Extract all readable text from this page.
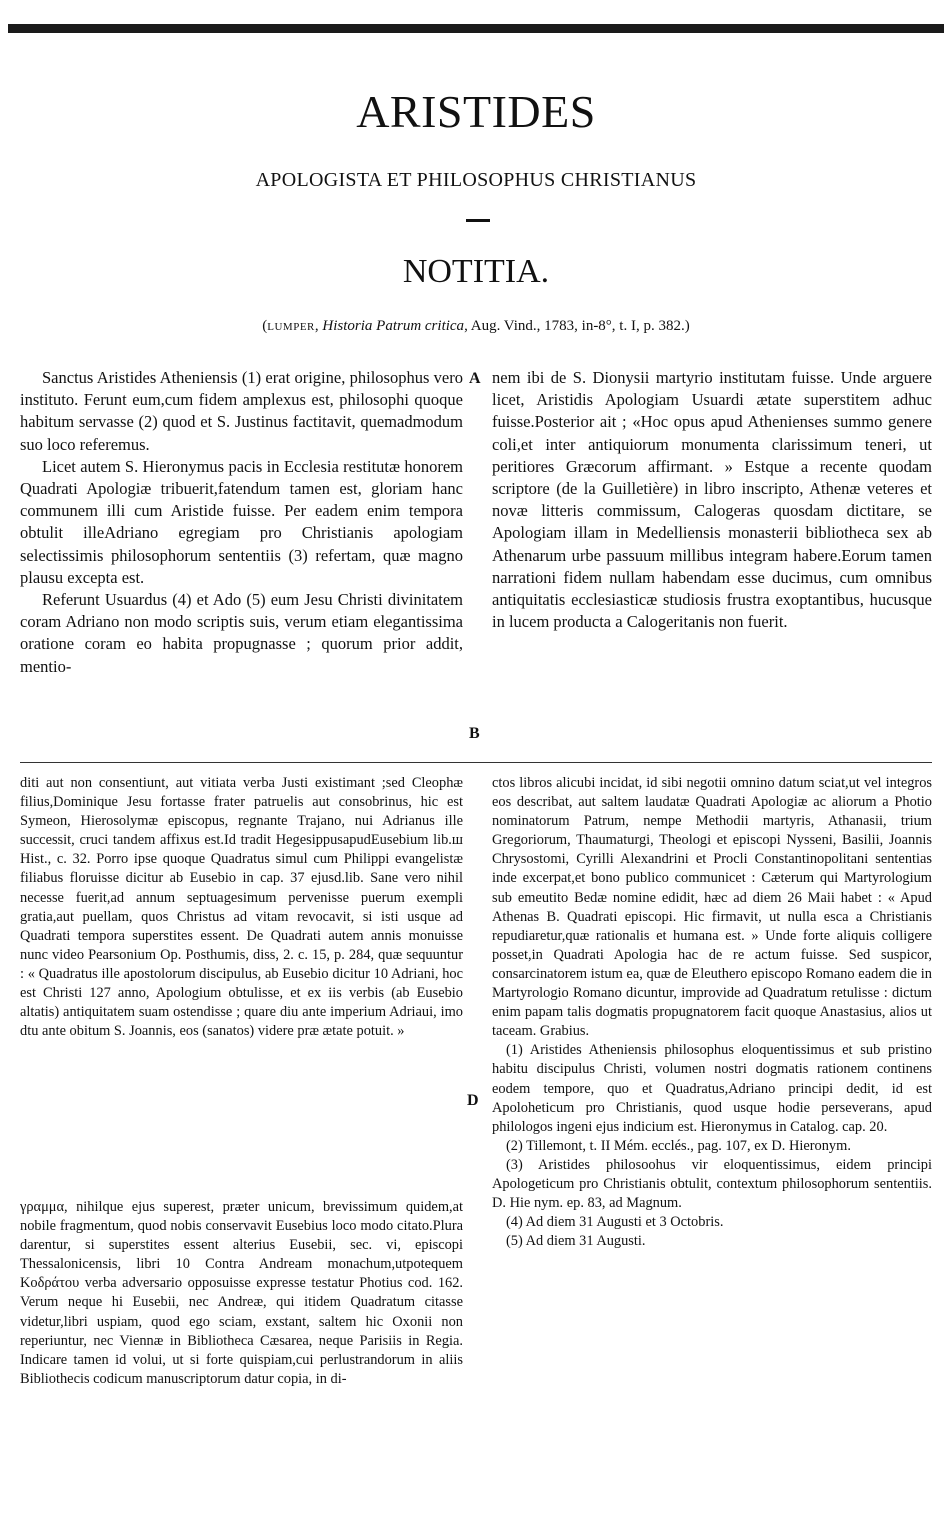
ARISTIDES
APOLOGISTA ET PHILOSOPHUS CHRISTIANUS
NOTITIA.
(LUMPER, Historia Patrum critica, Aug. Vind., 1783, in-8°, t. I, p. 382.)

Sanctus Aristides Atheniensis (1) erat origine, philosophus vero instituto. Ferunt eum,cum fidem amplexus est, philosophi quoque habitum servasse (2) quod et S. Justinus factitavit, quemadmodum suo loco referemus.

Licet autem S. Hieronymus pacis in Ecclesia restitutæ honorem Quadrati Apologiæ tribuerit,fatendum tamen est, gloriam hanc communem illi cum Aristide fuisse. Per eadem enim tempora obtulit illeAdriano egregiam pro Christianis apologiam selectissimis philosophorum sententiis (3) refertam, quæ magno plausu excepta est.

Referunt Usuardus (4) et Ado (5) eum Jesu Christi divinitatem coram Adriano non modo scriptis suis, verum etiam elegantissima oratione coram eo habita propugnasse ; quorum prior addit, mentio-

A
B

nem ibi de S. Dionysii martyrio institutam fuisse. Unde arguere licet, Aristidis Apologiam Usuardi ætate superstitem adhuc fuisse.Posterior ait ; «Hoc opus apud Athenienses summo genere coli,et inter antiquiorum monumenta clarissimum teneri, ut peritiores Græcorum affirmant. » Estque a recente quodam scriptore (de la Guilletière) in libro inscripto, Athenæ veteres et novæ litteris commissum, Calogeras quosdam dictitare, se Apologiam illam in Medelliensis monasterii bibliotheca sex ab Athenarum urbe passuum millibus integram habere.Eorum tamen narrationi fidem nullam habendam esse ducimus, cum omnibus antiquitatis ecclesiasticæ studiosis frustra exoptantibus, hucusque in lucem producta a Calogeritanis non fuerit.

diti aut non consentiunt, aut vitiata verba Justi existimant ;sed Cleophæ filius,Dominique Jesu fortasse frater patruelis aut consobrinus, hic est Symeon, Hierosolymæ episcopus, regnante Trajano, nui Adrianus ille successit, cruci tandem affixus est.Id tradit HegesippusapudEusebium lib.ш Hist., c. 32. Porro ipse quoque Quadratus simul cum Philippi evangelistæ filiabus floruisse dicitur ab Eusebio in cap. 37 ejusd.lib. Sane vero nihil necesse fuerit,ad annum septuagesimum pervenisse puerum exempli gratia,aut puellam, quos Christus ad vitam revocavit, si isti usque ad Quadrati tempora superstites essent. De Quadrati autem annis monuisse nunc video Pearsonium Op. Posthumis, diss, 2. c. 15, p. 284, quæ sequuntur : « Quadratus ille apostolorum discipulus, ab Eusebio dicitur 10 Adriani, hoc est Christi 127 anno, Apologium obtulisse, et ex iis verbis (ab Eusebio altatis) antiquitatem suam ostendisse ; quare diu ante imperium Adriaui, imo dtu ante obitum S. Joannis, eos (sanatos) videre præ ætate potuit. »

D

γραμμα, nihilque ejus superest, præter unicum, brevissimum quidem,at nobile fragmentum, quod nobis conservavit Eusebius loco modo citato.Plura darentur, si superstites essent alterius Eusebii, sec. vi, episcopi Thessalonicensis, libri 10 Contra Andream monachum,utpotequem Κοδράτου verba adversario opposuisse expresse testatur Photius cod. 162. Verum neque hi Eusebii, nec Andreæ, qui itidem Quadratum citasse videtur,libri uspiam, quod ego sciam, exstant, saltem hic Oxonii non reperiuntur, nec Viennæ in Bibliotheca Cæsarea, neque Parisiis in Regia. Indicare tamen id volui, ut si forte quispiam,cui perlustrandorum in aliis Bibliothecis codicum manuscriptorum datur copia, in di-

ctos libros alicubi incidat, id sibi negotii omnino datum sciat,ut vel integros eos describat, aut saltem laudatæ Quadrati Apologiæ ac aliorum a Photio nominatorum Patrum, nempe Methodii martyris, Athanasii, trium Gregoriorum, Thaumaturgi, Theologi et episcopi Nysseni, Basilii, Joannis Chrysostomi, Cyrilli Alexandrini et Procli Constantinopolitani sententias inde excerpat,et bono publico communicet : Cæterum qui Martyrologium sub emeutito Bedæ nomine edidit, hæc ad diem 26 Maii habet : « Apud Athenas B. Quadrati episcopi. Hic firmavit, ut nulla esca a Christianis repudiaretur,quæ rationalis et humana est. » Unde forte aliquis colligere posset,in Quadrati Apologia hac de re actum fuisse. Sed suspicor, consarcinatorem istum ea, quæ de Eleuthero episcopo Romano eadem die in Martyrologio Romano dicuntur, improvide ad Quadratum retulisse : dictum enim papam talis dogmatis propugnatorem facit quoque Anastasius, alios ut taceam. Grabius.

(1) Aristides Atheniensis philosophus eloquentissimus et sub pristino habitu discipulus Christi, volumen nostri dogmatis rationem continens eodem tempore, quo et Quadratus,Adriano principi dedit, id est Apoloheticum pro Christianis, quod usque hodie perseverans, apud philologos ingeni ejus indicium est. Hieronymus in Catalog. cap. 20.

(2) Tillemont, t. II Mém. ecclés., pag. 107, ex D. Hieronym.

(3) Aristides philosoohus vir eloquentissimus, eidem principi Apologeticum pro Christianis obtulit, contextum philosophorum sententiis. D. Hie nym. ep. 83, ad Magnum.

(4) Ad diem 31 Augusti et 3 Octobris.

(5) Ad diem 31 Augusti.
